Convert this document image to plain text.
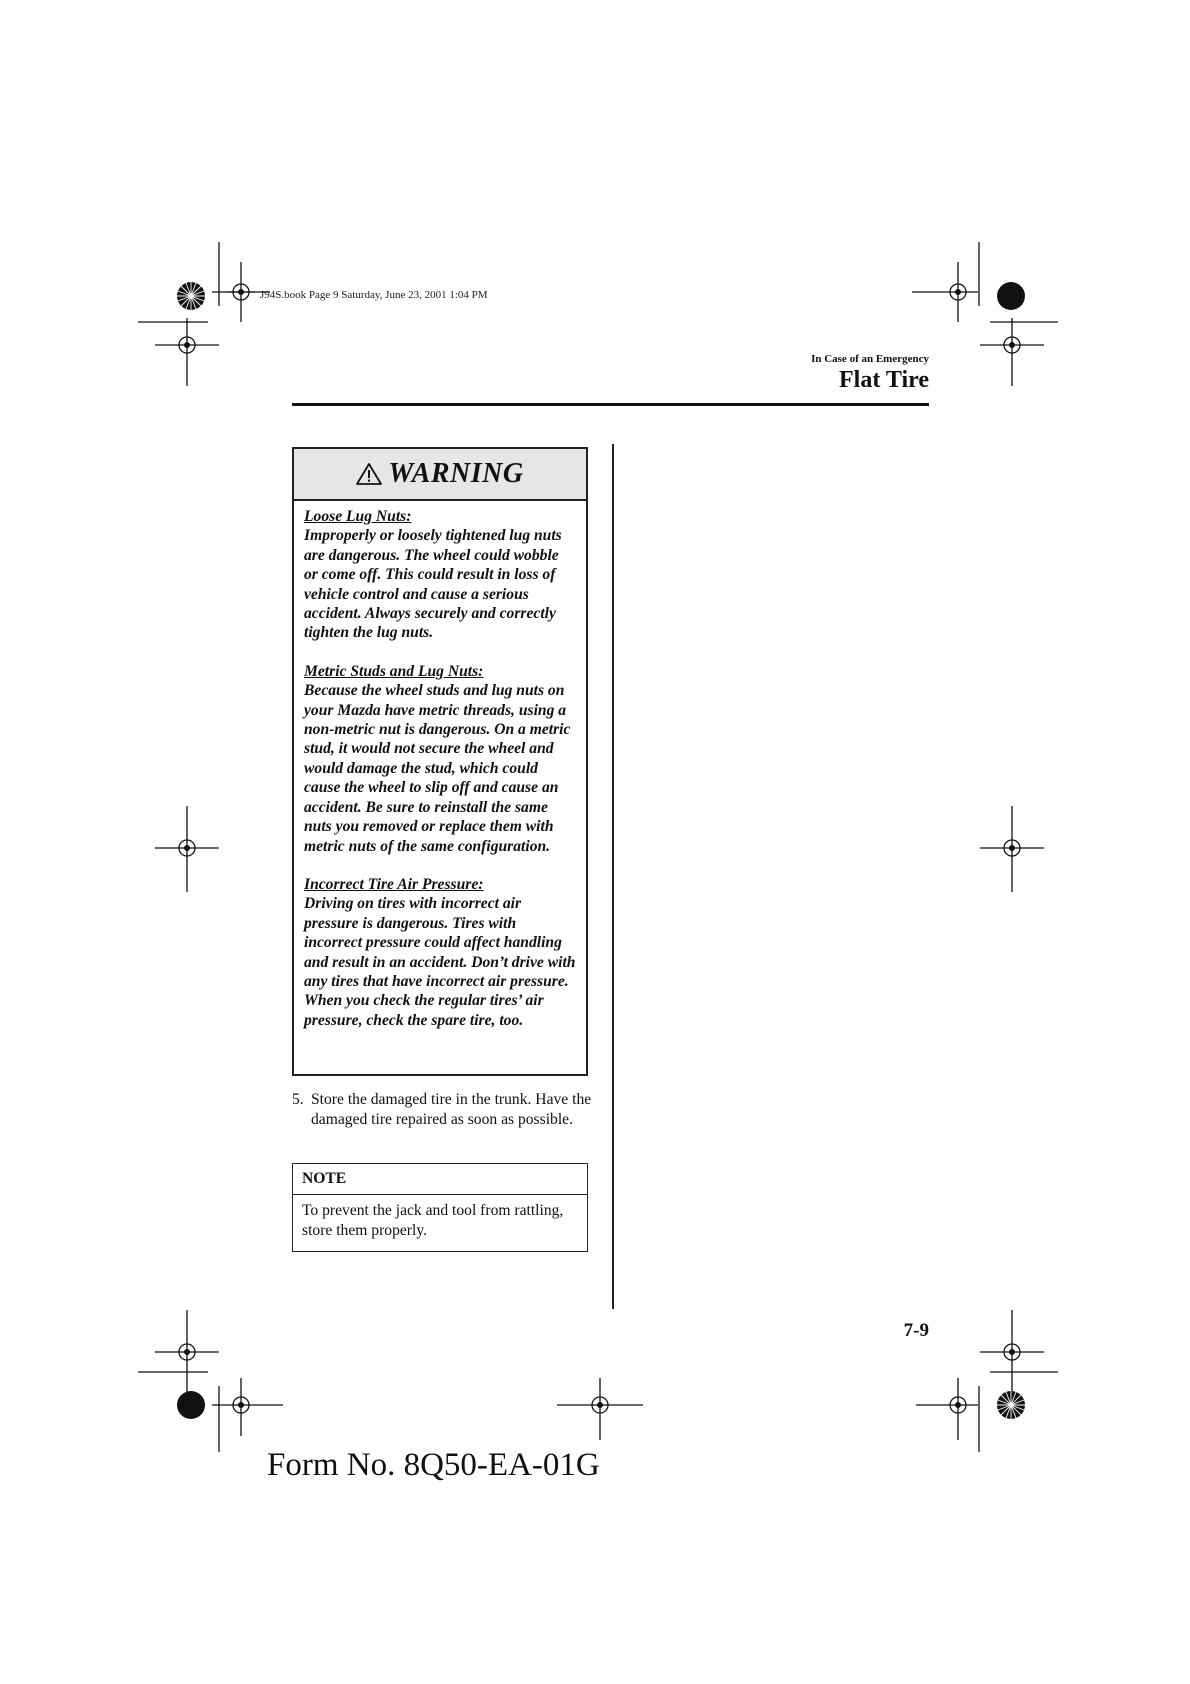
J94S.book Page 9 Saturday, June 23, 2001 1:04 PM
In Case of an Emergency
Flat Tire
WARNING
Loose Lug Nuts:
Improperly or loosely tightened lug nuts are dangerous. The wheel could wobble or come off. This could result in loss of vehicle control and cause a serious accident. Always securely and correctly tighten the lug nuts.
Metric Studs and Lug Nuts:
Because the wheel studs and lug nuts on your Mazda have metric threads, using a non-metric nut is dangerous. On a metric stud, it would not secure the wheel and would damage the stud, which could cause the wheel to slip off and cause an accident. Be sure to reinstall the same nuts you removed or replace them with metric nuts of the same configuration.
Incorrect Tire Air Pressure:
Driving on tires with incorrect air pressure is dangerous. Tires with incorrect pressure could affect handling and result in an accident. Don’t drive with any tires that have incorrect air pressure. When you check the regular tires’ air pressure, check the spare tire, too.
5. Store the damaged tire in the trunk. Have the damaged tire repaired as soon as possible.
NOTE
To prevent the jack and tool from rattling, store them properly.
7-9
Form No. 8Q50-EA-01G
